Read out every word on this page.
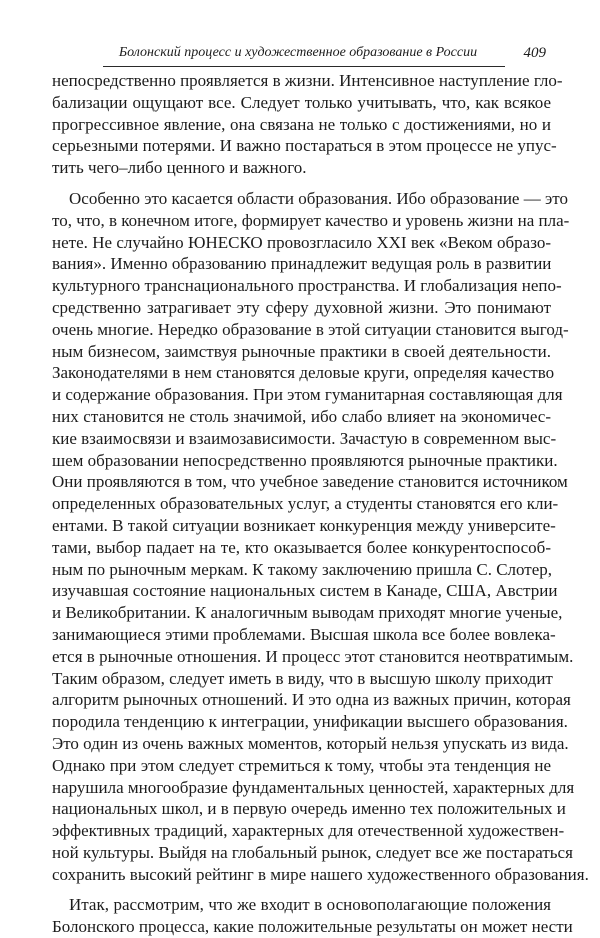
Болонский процесс и художественное образование в России	409
непосредственно проявляется в жизни. Интенсивное наступление гло-
бализации ощущают все. Следует только учитывать, что, как всякое
прогрессивное явление, она связана не только с достижениями, но и
серьезными потерями. И важно постараться в этом процессе не упус-
тить чего–либо ценного и важного.
Особенно это касается области образования. Ибо образование — это
то, что, в конечном итоге, формирует качество и уровень жизни на пла-
нете. Не случайно ЮНЕСКО провозгласило XXI век «Веком образо-
вания». Именно образованию принадлежит ведущая роль в развитии
культурного транснационального пространства. И глобализация непо-
средственно затрагивает эту сферу духовной жизни. Это понимают
очень многие. Нередко образование в этой ситуации становится выгод-
ным бизнесом, заимствуя рыночные практики в своей деятельности.
Законодателями в нем становятся деловые круги, определяя качество
и содержание образования. При этом гуманитарная составляющая для
них становится не столь значимой, ибо слабо влияет на экономичес-
кие взаимосвязи и взаимозависимости. Зачастую в современном выс-
шем образовании непосредственно проявляются рыночные практики.
Они проявляются в том, что учебное заведение становится источником
определенных образовательных услуг, а студенты становятся его кли-
ентами. В такой ситуации возникает конкуренция между университе-
тами, выбор падает на те, кто оказывается более конкурентоспособ-
ным по рыночным меркам. К такому заключению пришла С. Слотер,
изучавшая состояние национальных систем в Канаде, США, Австрии
и Великобритании. К аналогичным выводам приходят многие ученые,
занимающиеся этими проблемами. Высшая школа все более вовлека-
ется в рыночные отношения. И процесс этот становится неотвратимым.
Таким образом, следует иметь в виду, что в высшую школу приходит
алгоритм рыночных отношений. И это одна из важных причин, которая
породила тенденцию к интеграции, унификации высшего образования.
Это один из очень важных моментов, который нельзя упускать из вида.
Однако при этом следует стремиться к тому, чтобы эта тенденция не
нарушила многообразие фундаментальных ценностей, характерных для
национальных школ, и в первую очередь именно тех положительных и
эффективных традиций, характерных для отечественной художествен-
ной культуры. Выйдя на глобальный рынок, следует все же постараться
сохранить высокий рейтинг в мире нашего художественного образования.
Итак, рассмотрим, что же входит в основополагающие положения
Болонского процесса, какие положительные результаты он может нести
